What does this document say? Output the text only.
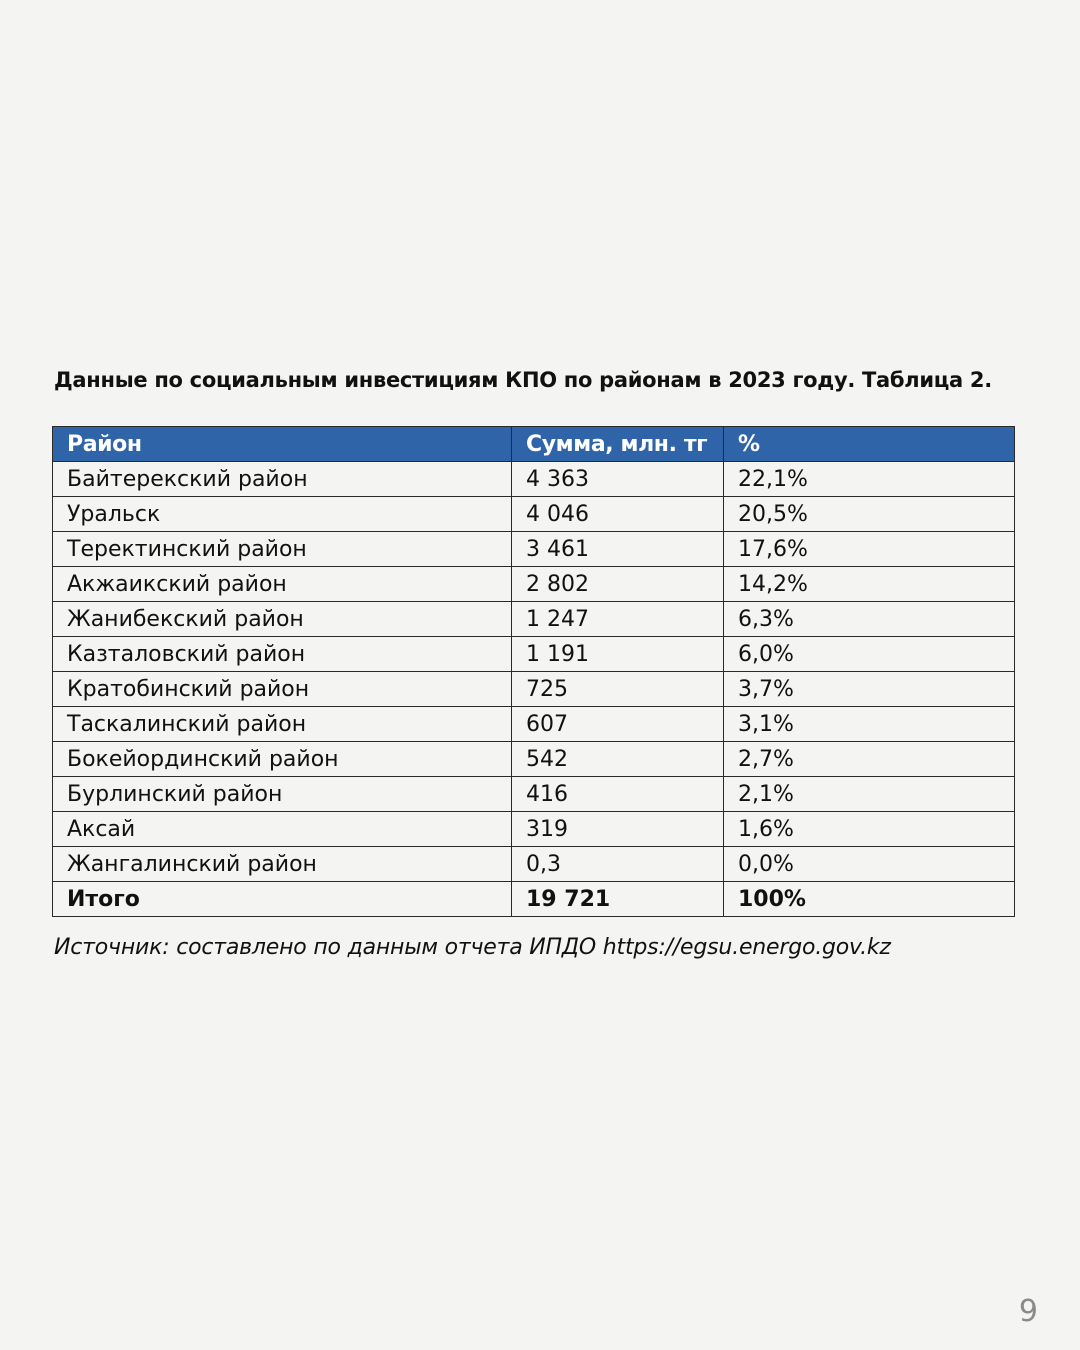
Данные по социальным инвестициям КПО по районам в 2023 году. Таблица 2.
Район	Сумма, млн. тг	%
Байтерекский район	4 363	22,1%
Уральск	4 046	20,5%
Теректинский район	3 461	17,6%
Акжаикский район	2 802	14,2%
Жанибекский район	1 247	6,3%
Казталовский район	1 191	6,0%
Кратобинский район	725	3,7%
Таскалинский район	607	3,1%
Бокейординский район	542	2,7%
Бурлинский район	416	2,1%
Аксай	319	1,6%
Жангалинский район	0,3	0,0%
Итого	19 721	100%
Источник: составлено по данным отчета ИПДО https://egsu.energo.gov.kz
9
